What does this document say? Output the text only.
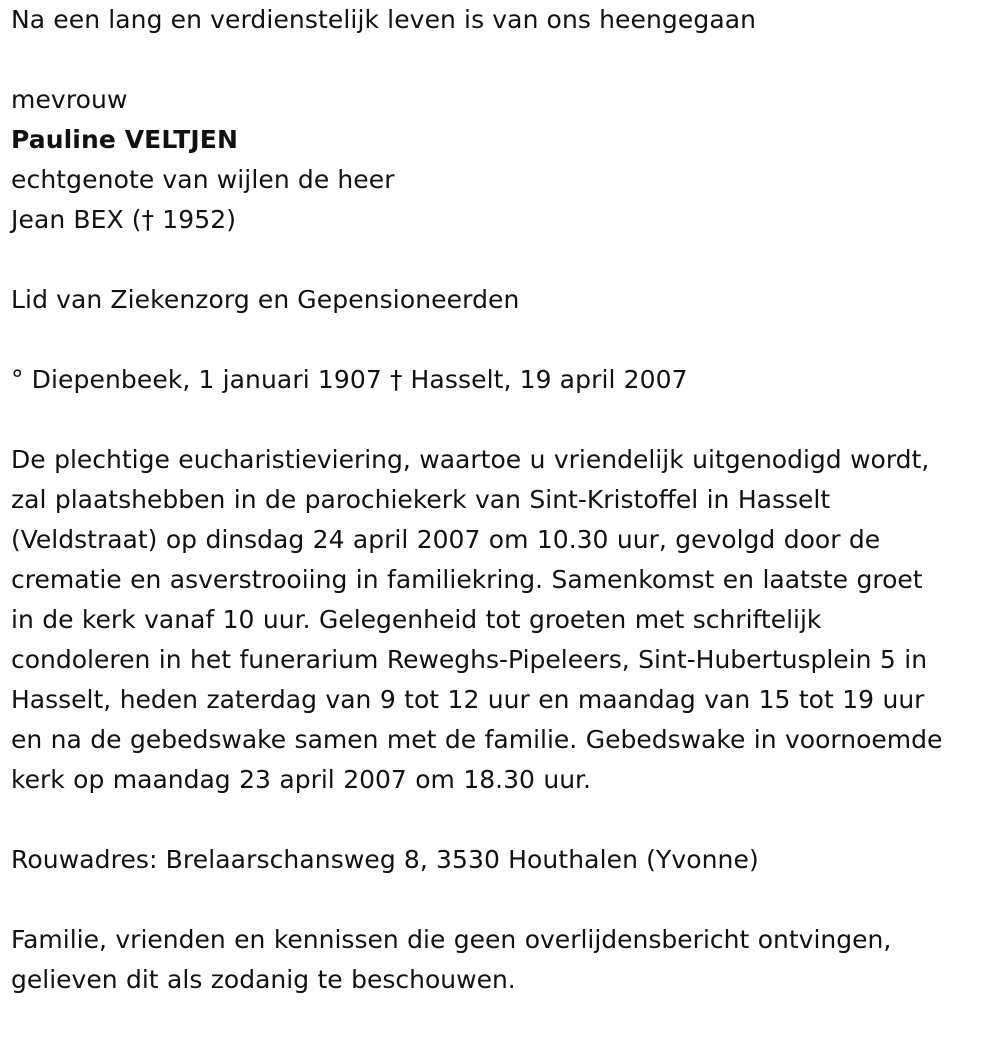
Na een lang en verdienstelijk leven is van ons heengegaan
mevrouw
Pauline VELTJEN
echtgenote van wijlen de heer
Jean BEX († 1952)
Lid van Ziekenzorg en Gepensioneerden
° Diepenbeek, 1 januari 1907 † Hasselt, 19 april 2007

De plechtige eucharistieviering, waartoe u vriendelijk uitgenodigd wordt,
zal plaatshebben in de parochiekerk van Sint-Kristoffel in Hasselt
(Veldstraat) op dinsdag 24 april 2007 om 10.30 uur, gevolgd door de
crematie en asverstrooiing in familiekring. Samenkomst en laatste groet
in de kerk vanaf 10 uur. Gelegenheid tot groeten met schriftelijk
condoleren in het funerarium Reweghs-Pipeleers, Sint-Hubertusplein 5 in
Hasselt, heden zaterdag van 9 tot 12 uur en maandag van 15 tot 19 uur
en na de gebedswake samen met de familie. Gebedswake in voornoemde
kerk op maandag 23 april 2007 om 18.30 uur.

Rouwadres: Brelaarschansweg 8, 3530 Houthalen (Yvonne)

Familie, vrienden en kennissen die geen overlijdensbericht ontvingen,
gelieven dit als zodanig te beschouwen.
